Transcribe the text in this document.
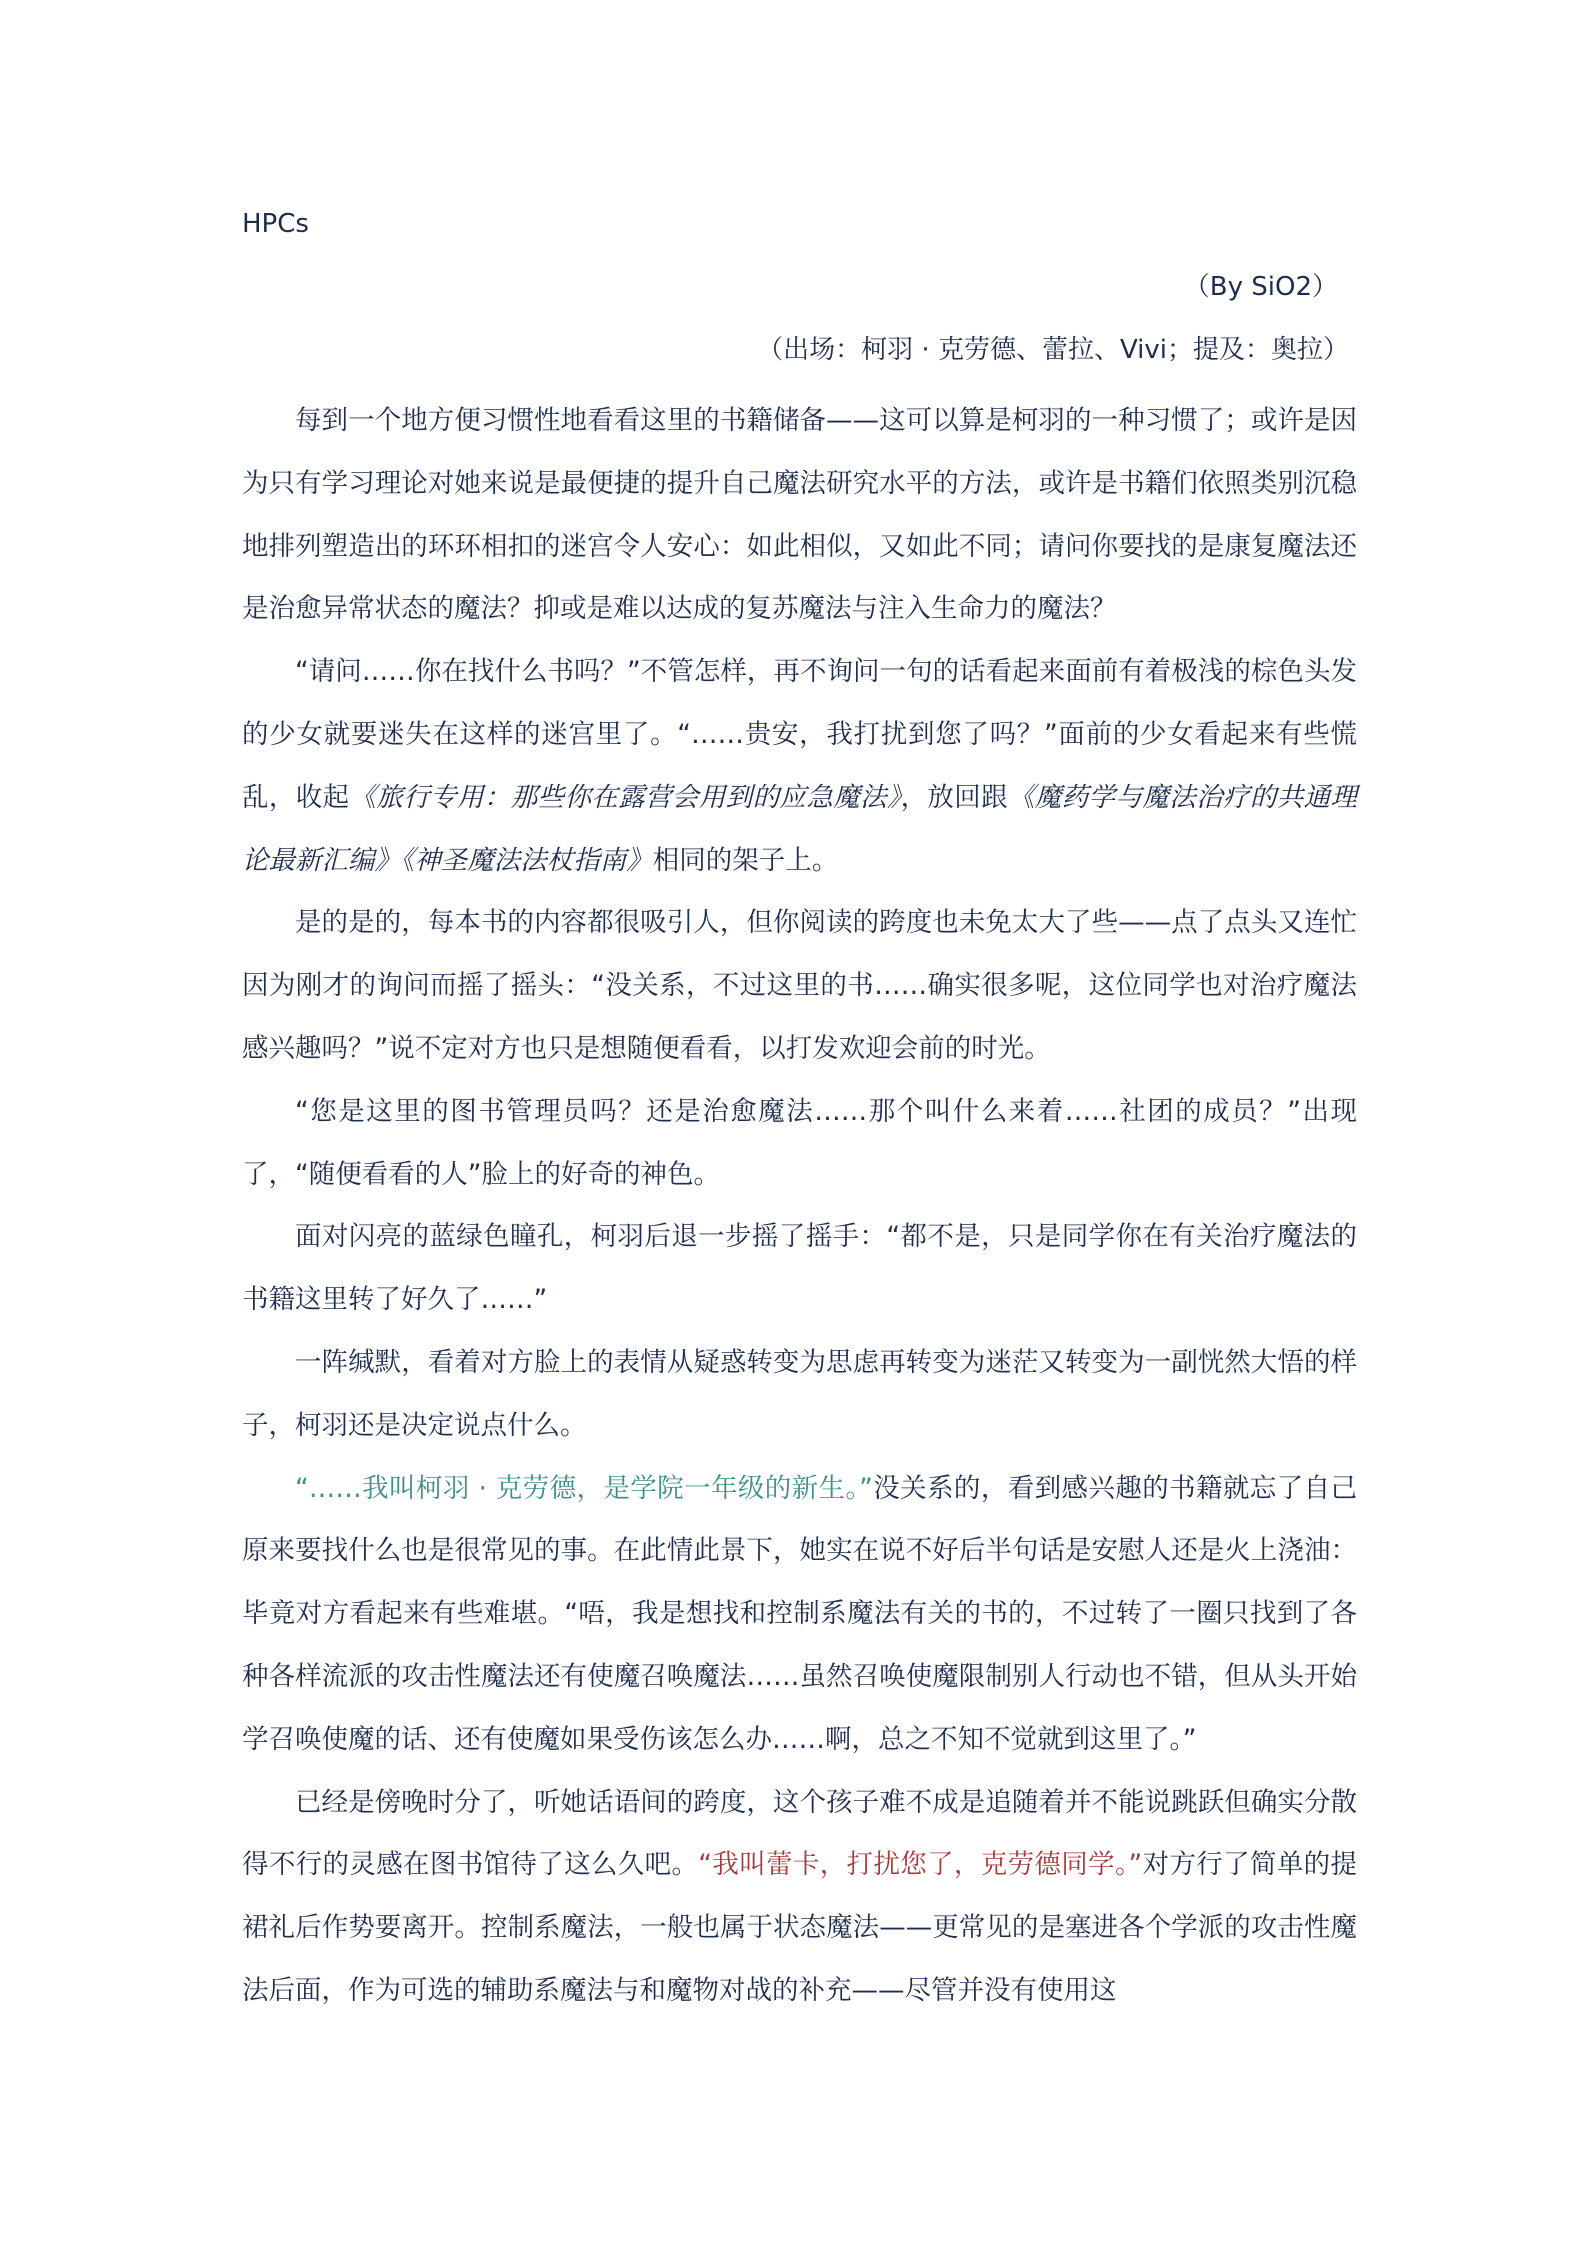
HPCs

（By SiO2）

（出场：柯羽 · 克劳德、蕾拉、Vivi；提及：奥拉）

每到一个地方便习惯性地看看这里的书籍储备——这可以算是柯羽的一种习惯了；或许是因为只有学习理论对她来说是最便捷的提升自己魔法研究水平的方法，或许是书籍们依照类别沉稳地排列塑造出的环环相扣的迷宫令人安心：如此相似，又如此不同；请问你要找的是康复魔法还是治愈异常状态的魔法？抑或是难以达成的复苏魔法与注入生命力的魔法？

“请问……你在找什么书吗？”不管怎样，再不询问一句的话看起来面前有着极浅的棕色头发的少女就要迷失在这样的迷宫里了。“……贵安，我打扰到您了吗？”面前的少女看起来有些慌乱，收起《旅行专用：那些你在露营会用到的应急魔法》，放回跟《魔药学与魔法治疗的共通理论最新汇编》《神圣魔法法杖指南》相同的架子上。

是的是的，每本书的内容都很吸引人，但你阅读的跨度也未免太大了些——点了点头又连忙因为刚才的询问而摇了摇头：“没关系，不过这里的书……确实很多呢，这位同学也对治疗魔法感兴趣吗？”说不定对方也只是想随便看看，以打发欢迎会前的时光。

“您是这里的图书管理员吗？还是治愈魔法……那个叫什么来着……社团的成员？”出现了，“随便看看的人”脸上的好奇的神色。

面对闪亮的蓝绿色瞳孔，柯羽后退一步摇了摇手：“都不是，只是同学你在有关治疗魔法的书籍这里转了好久了……”

一阵缄默，看着对方脸上的表情从疑惑转变为思虑再转变为迷茫又转变为一副恍然大悟的样子，柯羽还是决定说点什么。

“……我叫柯羽 · 克劳德，是学院一年级的新生。”没关系的，看到感兴趣的书籍就忘了自己原来要找什么也是很常见的事。在此情此景下，她实在说不好后半句话是安慰人还是火上浇油：毕竟对方看起来有些难堪。“唔，我是想找和控制系魔法有关的书的，不过转了一圈只找到了各种各样流派的攻击性魔法还有使魔召唤魔法……虽然召唤使魔限制别人行动也不错，但从头开始学召唤使魔的话、还有使魔如果受伤该怎么办……啊，总之不知不觉就到这里了。”

已经是傍晚时分了，听她话语间的跨度，这个孩子难不成是追随着并不能说跳跃但确实分散得不行的灵感在图书馆待了这么久吧。“我叫蕾卡，打扰您了，克劳德同学。”对方行了简单的提裙礼后作势要离开。控制系魔法，一般也属于状态魔法——更常见的是塞进各个学派的攻击性魔法后面，作为可选的辅助系魔法与和魔物对战的补充——尽管并没有使用这
